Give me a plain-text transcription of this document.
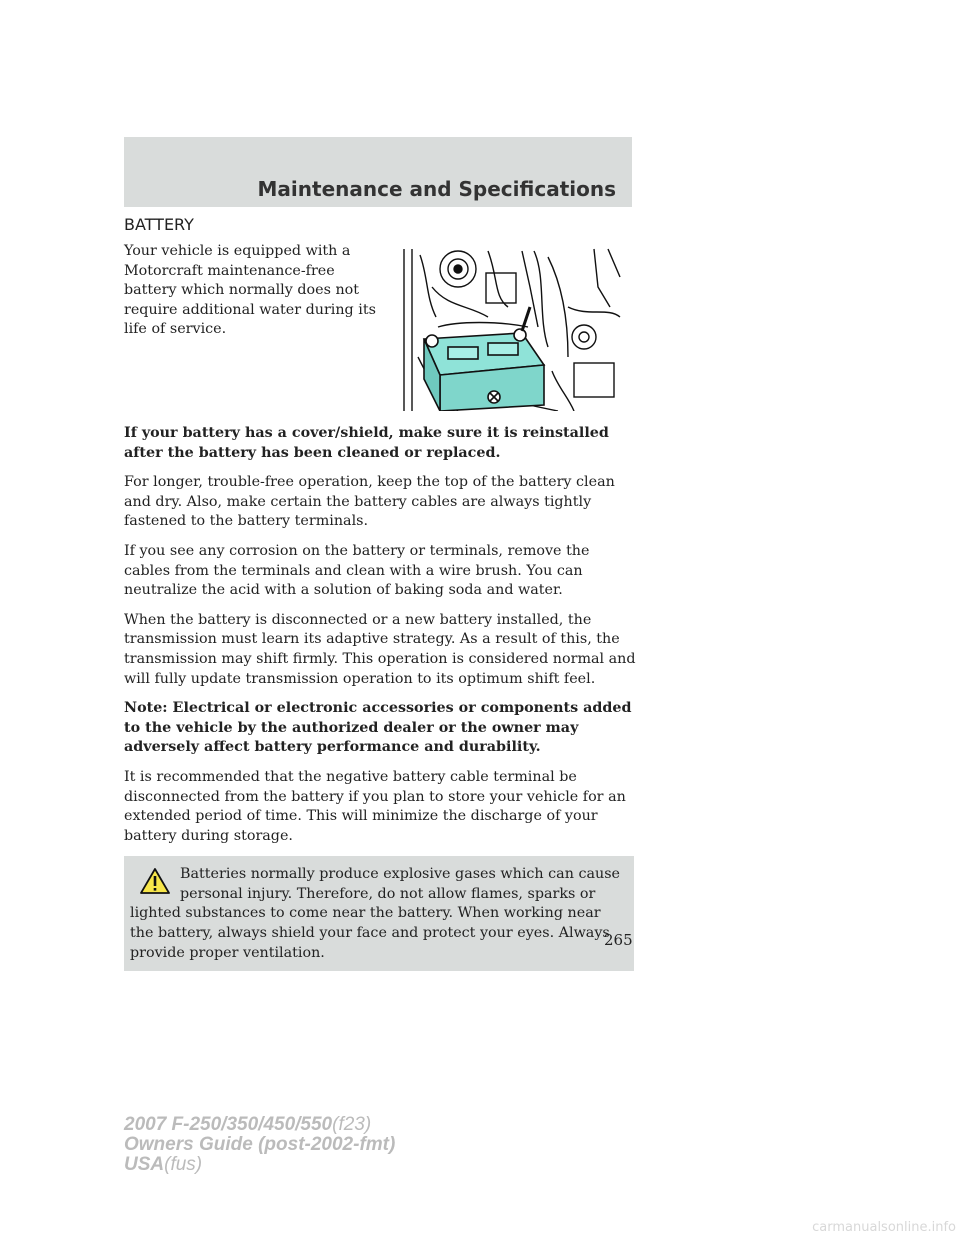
Maintenance and Specifications
BATTERY

Your vehicle is equipped with a Motorcraft maintenance-free battery which normally does not require additional water during its life of service.

If your battery has a cover/shield, make sure it is reinstalled after the battery has been cleaned or replaced.

For longer, trouble-free operation, keep the top of the battery clean and dry. Also, make certain the battery cables are always tightly fastened to the battery terminals.

If you see any corrosion on the battery or terminals, remove the cables from the terminals and clean with a wire brush. You can neutralize the acid with a solution of baking soda and water.

When the battery is disconnected or a new battery installed, the transmission must learn its adaptive strategy. As a result of this, the transmission may shift firmly. This operation is considered normal and will fully update transmission operation to its optimum shift feel.

Note: Electrical or electronic accessories or components added to the vehicle by the authorized dealer or the owner may adversely affect battery performance and durability.

It is recommended that the negative battery cable terminal be disconnected from the battery if you plan to store your vehicle for an extended period of time. This will minimize the discharge of your battery during storage.

Batteries normally produce explosive gases which can cause personal injury. Therefore, do not allow flames, sparks or lighted substances to come near the battery. When working near the battery, always shield your face and protect your eyes. Always provide proper ventilation.

265
2007 F-250/350/450/550(f23)
Owners Guide (post-2002-fmt)
USA(fus)
carmanualsonline.info
